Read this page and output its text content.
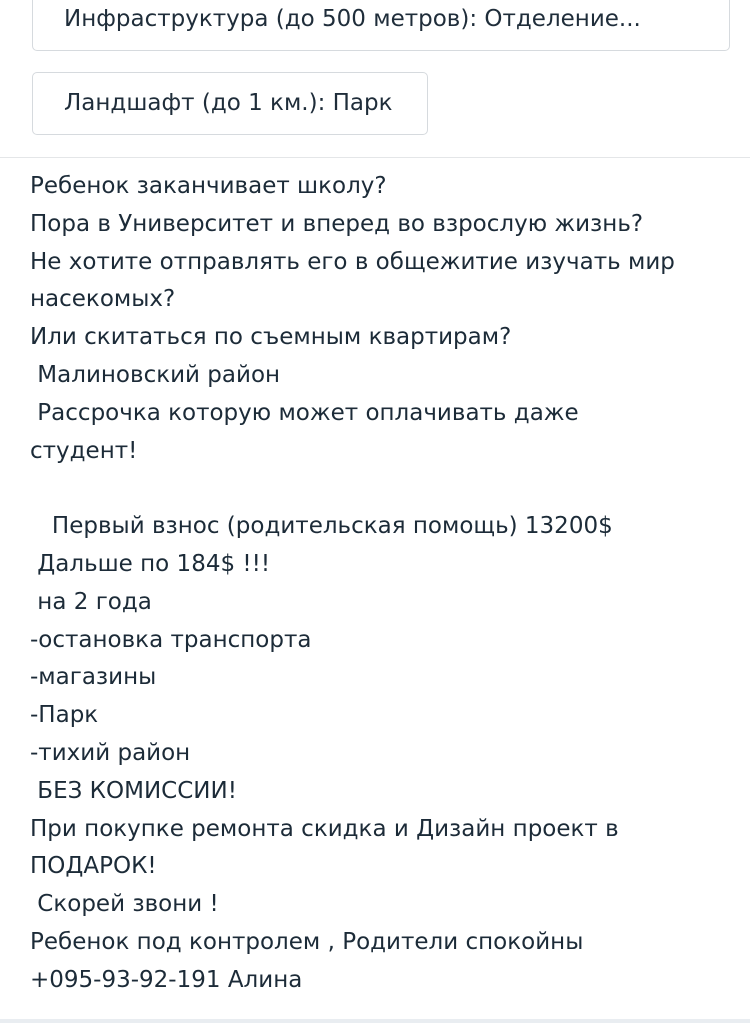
Инфраструктура (до 500 метров): Отделение...
Ландшафт (до 1 км.): Парк
Ребенок заканчивает школу?
Пора в Университет и вперед во взрослую жизнь?
Не хотите отправлять его в общежитие изучать мир
насекомых?
Или скитаться по съемным квартирам?
Малиновский район
Рассрочка которую может оплачивать даже
студент!
Первый взнос (родительская помощь) 13200$
Дальше по 184$ !!!
на 2 года
-остановка транспорта
-магазины
-Парк
-тихий район
БЕЗ КОМИССИИ!
При покупке ремонта скидка и Дизайн проект в
ПОДАРОК!
Скорей звони !
Ребенок под контролем , Родители спокойны
+095-93-92-191 Алина
